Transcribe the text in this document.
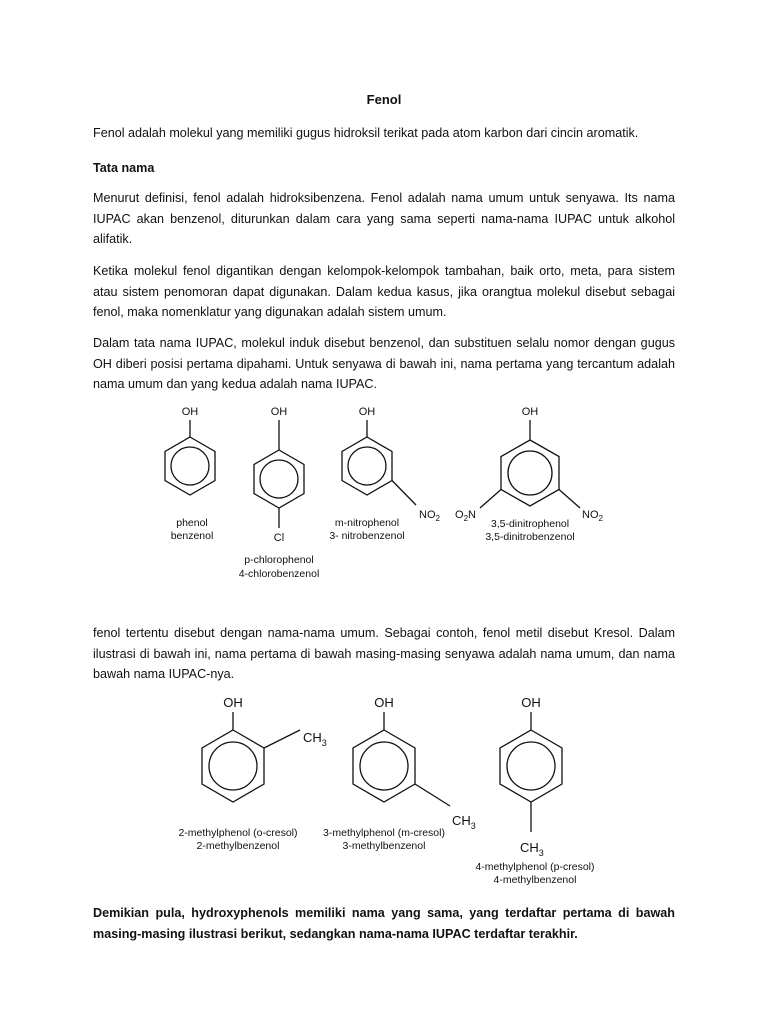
Fenol
Fenol adalah molekul yang memiliki gugus hidroksil terikat pada atom karbon dari cincin aromatik.
Tata nama
Menurut definisi, fenol adalah hidroksibenzena. Fenol adalah nama umum untuk senyawa. Its nama IUPAC akan benzenol, diturunkan dalam cara yang sama seperti nama-nama IUPAC untuk alkohol alifatik.
Ketika molekul fenol digantikan dengan kelompok-kelompok tambahan, baik orto, meta, para sistem atau sistem penomoran dapat digunakan. Dalam kedua kasus, jika orangtua molekul disebut sebagai fenol, maka nomenklatur yang digunakan adalah sistem umum.
Dalam tata nama IUPAC, molekul induk disebut benzenol, dan substituen selalu nomor dengan gugus OH diberi posisi pertama dipahami. Untuk senyawa di bawah ini, nama pertama yang tercantum adalah nama umum dan yang kedua adalah nama IUPAC.
OH	OH	OH	OH
Cl
$NO_2$	$NO_2$
$O_2N$
phenol
benzenol
p-chlorophenol
4-chlorobenzenol
m-nitrophenol
3- nitrobenzenol
3,5-dinitrophenol
3,5-dinitrobenzenol
fenol tertentu disebut dengan nama-nama umum. Sebagai contoh, fenol metil disebut Kresol. Dalam ilustrasi di bawah ini, nama pertama di bawah masing-masing senyawa adalah nama umum, dan nama bawah nama IUPAC-nya.
OH	OH	OH
$CH_3$
$CH_3$
$CH_3$
2-methylphenol (o-cresol)
2-methylbenzenol
3-methylphenol (m-cresol)
3-methylbenzenol
4-methylphenol (p-cresol)
4-methylbenzenol
Demikian pula, hydroxyphenols memiliki nama yang sama, yang terdaftar pertama di bawah masing-masing ilustrasi berikut, sedangkan nama-nama IUPAC terdaftar terakhir.
